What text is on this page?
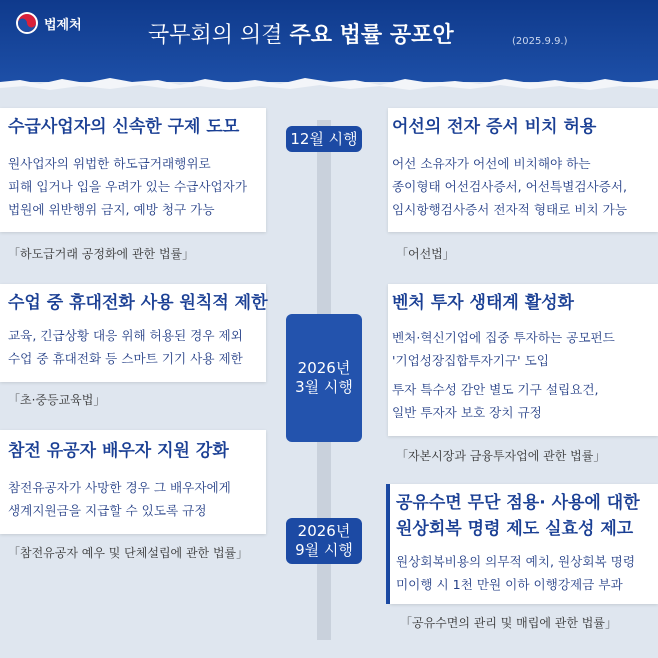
법제처	국무회의 의결 주요 법률 공포안	(2025.9.9.)
12월 시행
2026년
3월 시행
2026년
9월 시행
수급사업자의 신속한 구제 도모
원사업자의 위법한 하도급거래행위로
피해 입거나 입을 우려가 있는 수급사업자가
법원에 위반행위 금지, 예방 청구 가능
「하도급거래 공정화에 관한 법률」
어선의 전자 증서 비치 허용
어선 소유자가 어선에 비치해야 하는
종이형태 어선검사증서, 어선특별검사증서,
임시항행검사증서 전자적 형태로 비치 가능
「어선법」
수업 중 휴대전화 사용 원칙적 제한
교육, 긴급상황 대응 위해 허용된 경우 제외
수업 중 휴대전화 등 스마트 기기 사용 제한
「초·중등교육법」
벤처 투자 생태계 활성화
벤처·혁신기업에 집중 투자하는 공모펀드
'기업성장집합투자기구' 도입
투자 특수성 감안 별도 기구 설립요건,
일반 투자자 보호 장치 규정
「자본시장과 금융투자업에 관한 법률」
참전 유공자 배우자 지원 강화
참전유공자가 사망한 경우 그 배우자에게
생계지원금을 지급할 수 있도록 규정
「참전유공자 예우 및 단체설립에 관한 법률」
공유수면 무단 점용· 사용에 대한
원상회복 명령 제도 실효성 제고
원상회복비용의 의무적 예치, 원상회복 명령
미이행 시 1천 만원 이하 이행강제금 부과
「공유수면의 관리 및 매립에 관한 법률」
